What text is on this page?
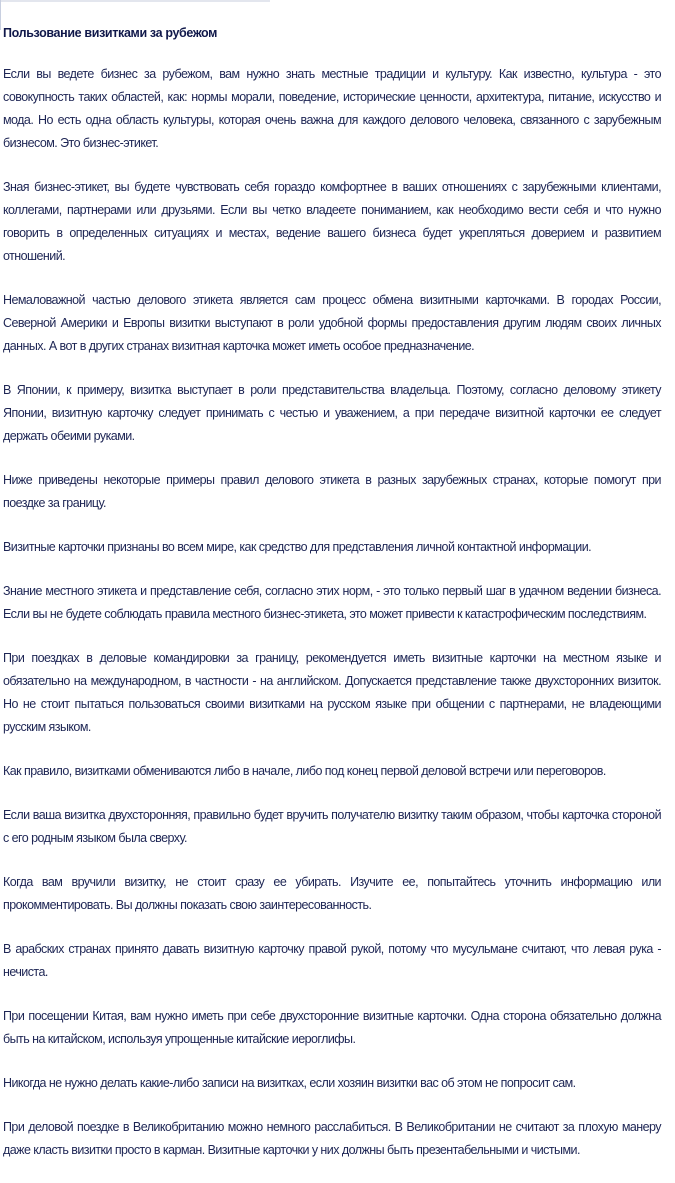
Пользование визитками за рубежом

Если вы ведете бизнес за рубежом, вам нужно знать местные традиции и культуру. Как известно, культура - это совокупность таких областей, как: нормы морали, поведение, исторические ценности, архитектура, питание, искусство и мода. Но есть одна область культуры, которая очень важна для каждого делового человека, связанного с зарубежным бизнесом. Это бизнес-этикет.

Зная бизнес-этикет, вы будете чувствовать себя гораздо комфортнее в ваших отношениях с зарубежными клиентами, коллегами, партнерами или друзьями. Если вы четко владеете пониманием, как необходимо вести себя и что нужно говорить в определенных ситуациях и местах, ведение вашего бизнеса будет укрепляться доверием и развитием отношений.

Немаловажной частью делового этикета является сам процесс обмена визитными карточками. В городах России, Северной Америки и Европы визитки выступают в роли удобной формы предоставления другим людям своих личных данных. А вот в других странах визитная карточка может иметь особое предназначение.

В Японии, к примеру, визитка выступает в роли представительства владельца. Поэтому, согласно деловому этикету Японии, визитную карточку следует принимать с честью и уважением, а при передаче визитной карточки ее следует держать обеими руками.

Ниже приведены некоторые примеры правил делового этикета в разных зарубежных странах, которые помогут при поездке за границу.

Визитные карточки признаны во всем мире, как средство для представления личной контактной информации.

Знание местного этикета и представление себя, согласно этих норм, - это только первый шаг в удачном ведении бизнеса. Если вы не будете соблюдать правила местного бизнес-этикета, это может привести к катастрофическим последствиям.

При поездках в деловые командировки за границу, рекомендуется иметь визитные карточки на местном языке и обязательно на международном, в частности - на английском. Допускается представление также двухсторонних визиток. Но не стоит пытаться пользоваться своими визитками на русском языке при общении с партнерами, не владеющими русским языком.

Как правило, визитками обмениваются либо в начале, либо под конец первой деловой встречи или переговоров.

Если ваша визитка двухсторонняя, правильно будет вручить получателю визитку таким образом, чтобы карточка стороной с его родным языком была сверху.

Когда вам вручили визитку, не стоит сразу ее убирать. Изучите ее, попытайтесь уточнить информацию или прокомментировать. Вы должны показать свою заинтересованность.

В арабских странах принято давать визитную карточку правой рукой, потому что мусульмане считают, что левая рука - нечиста.

При посещении Китая, вам нужно иметь при себе двухсторонние визитные карточки. Одна сторона обязательно должна быть на китайском, используя упрощенные китайские иероглифы.

Никогда не нужно делать какие-либо записи на визитках, если хозяин визитки вас об этом не попросит сам.

При деловой поездке в Великобританию можно немного расслабиться. В Великобритании не считают за плохую манеру даже класть визитки просто в карман. Визитные карточки у них должны быть презентабельными и чистыми.
